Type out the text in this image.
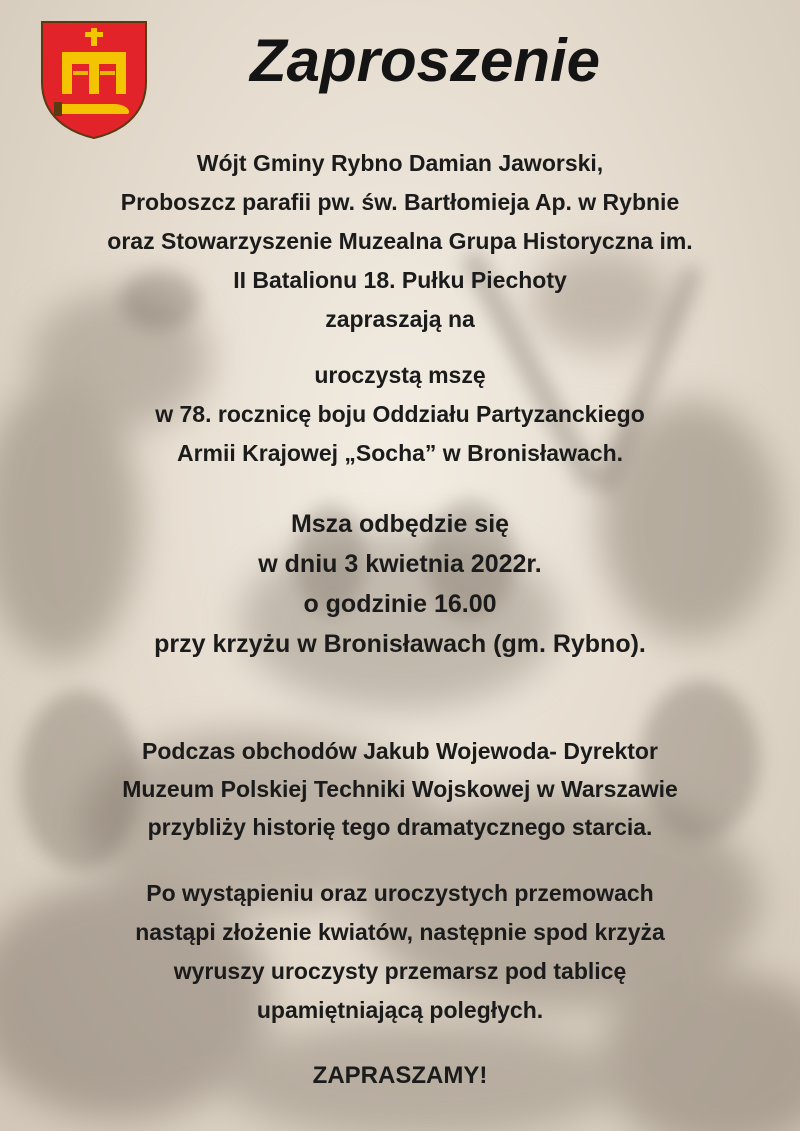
Zaproszenie
Wójt Gminy Rybno Damian Jaworski,
Proboszcz parafii pw. św. Bartłomieja Ap. w Rybnie
oraz Stowarzyszenie Muzealna Grupa Historyczna im.
II Batalionu 18. Pułku Piechoty
zapraszają na
uroczystą mszę
w 78. rocznicę boju Oddziału Partyzanckiego
Armii Krajowej „Socha” w Bronisławach.
Msza odbędzie się
w dniu 3 kwietnia 2022r.
o godzinie 16.00
przy krzyżu w Bronisławach (gm. Rybno).
Podczas obchodów Jakub Wojewoda- Dyrektor
Muzeum Polskiej Techniki Wojskowej w Warszawie
przybliży historię tego dramatycznego starcia.
Po wystąpieniu oraz uroczystych przemowach
nastąpi złożenie kwiatów, następnie spod krzyża
wyruszy uroczysty przemarsz pod tablicę
upamiętniającą poległych.
ZAPRASZAMY!
